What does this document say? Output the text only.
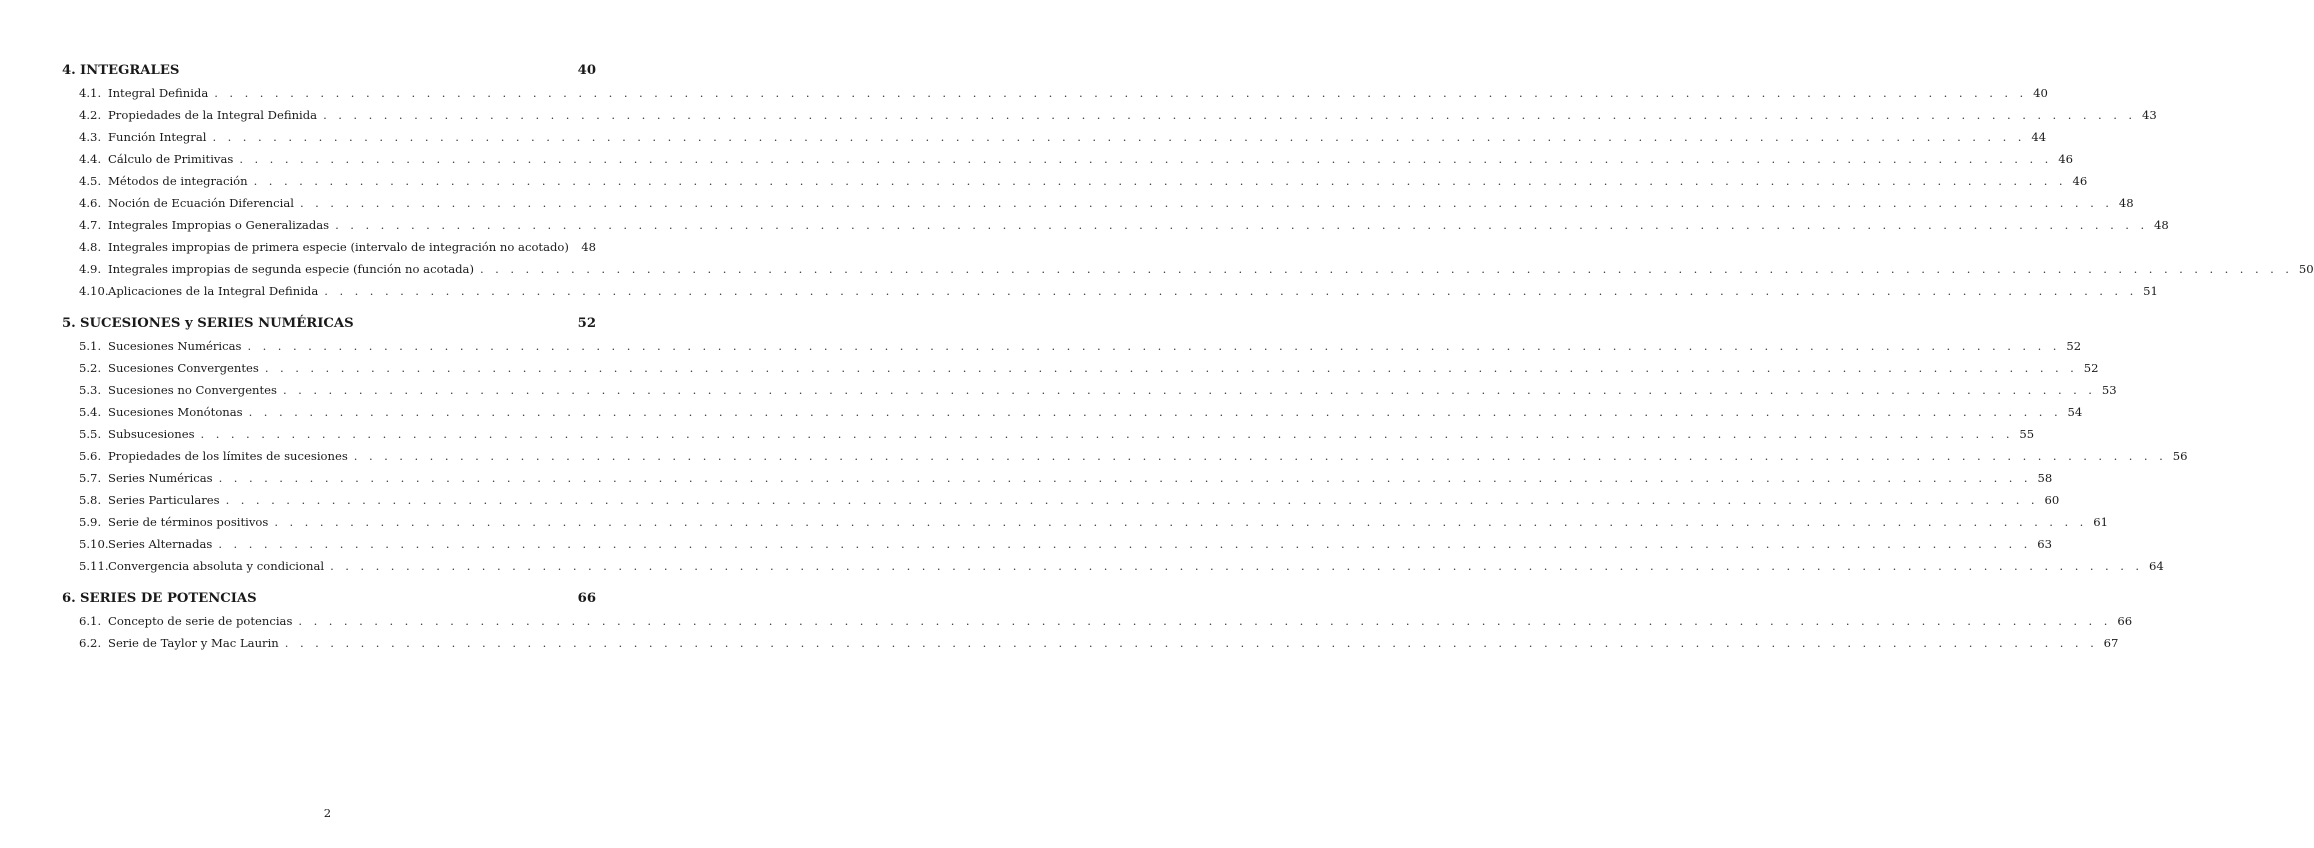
4. INTEGRALES	40
4.1. Integral Definida . . . . . . . . . . . . . . . . . . . . . . . . . . . . . . . . . . . . . . . . . . . . . . . . . . . . . . . . . . . . . . . . . . . . . . . . . . . . . . . . . . . . . . . . . . . . . . . . . . . . . . . . . . . . . . . . . . . . . . . . 40
4.2. Propiedades de la Integral Definida . . . . . . . . . . . . . . . . . . . . . . . . . . . . . . . . . . . . . . . . . . . . . . . . . . . . . . . . . . . . . . . . . . . . . . . . . . . . . . . . . . . . . . . . . . . . . . . . . . . . . . . . . . . . . . . . . . . . . . . . 43
4.3. Función Integral . . . . . . . . . . . . . . . . . . . . . . . . . . . . . . . . . . . . . . . . . . . . . . . . . . . . . . . . . . . . . . . . . . . . . . . . . . . . . . . . . . . . . . . . . . . . . . . . . . . . . . . . . . . . . . . . . . . . . . . . 44
4.4. Cálculo de Primitivas . . . . . . . . . . . . . . . . . . . . . . . . . . . . . . . . . . . . . . . . . . . . . . . . . . . . . . . . . . . . . . . . . . . . . . . . . . . . . . . . . . . . . . . . . . . . . . . . . . . . . . . . . . . . . . . . . . . . . . . . 46
4.5. Métodos de integración . . . . . . . . . . . . . . . . . . . . . . . . . . . . . . . . . . . . . . . . . . . . . . . . . . . . . . . . . . . . . . . . . . . . . . . . . . . . . . . . . . . . . . . . . . . . . . . . . . . . . . . . . . . . . . . . . . . . . . . . 46
4.6. Noción de Ecuación Diferencial . . . . . . . . . . . . . . . . . . . . . . . . . . . . . . . . . . . . . . . . . . . . . . . . . . . . . . . . . . . . . . . . . . . . . . . . . . . . . . . . . . . . . . . . . . . . . . . . . . . . . . . . . . . . . . . . . . . . . . . . 48
4.7. Integrales Impropias o Generalizadas . . . . . . . . . . . . . . . . . . . . . . . . . . . . . . . . . . . . . . . . . . . . . . . . . . . . . . . . . . . . . . . . . . . . . . . . . . . . . . . . . . . . . . . . . . . . . . . . . . . . . . . . . . . . . . . . . . . . . . . . 48
4.8. Integrales impropias de primera especie (intervalo de integración no acotado) 48
4.9. Integrales impropias de segunda especie (función no acotada) . . . . . . . . . . . . . . . . . . . . . . . . . . . . . . . . . . . . . . . . . . . . . . . . . . . . . . . . . . . . . . . . . . . . . . . . . . . . . . . . . . . . . . . . . . . . . . . . . . . . . . . . . . . . . . . . . . . . . . . . 50
4.10. Aplicaciones de la Integral Definida . . . . . . . . . . . . . . . . . . . . . . . . . . . . . . . . . . . . . . . . . . . . . . . . . . . . . . . . . . . . . . . . . . . . . . . . . . . . . . . . . . . . . . . . . . . . . . . . . . . . . . . . . . . . . . . . . . . . . . . . 51
5. SUCESIONES y SERIES NUMÉRICAS	52
5.1. Sucesiones Numéricas . . . . . . . . . . . . . . . . . . . . . . . . . . . . . . . . . . . . . . . . . . . . . . . . . . . . . . . . . . . . . . . . . . . . . . . . . . . . . . . . . . . . . . . . . . . . . . . . . . . . . . . . . . . . . . . . . . . . . . . . 52
5.2. Sucesiones Convergentes . . . . . . . . . . . . . . . . . . . . . . . . . . . . . . . . . . . . . . . . . . . . . . . . . . . . . . . . . . . . . . . . . . . . . . . . . . . . . . . . . . . . . . . . . . . . . . . . . . . . . . . . . . . . . . . . . . . . . . . . 52
5.3. Sucesiones no Convergentes . . . . . . . . . . . . . . . . . . . . . . . . . . . . . . . . . . . . . . . . . . . . . . . . . . . . . . . . . . . . . . . . . . . . . . . . . . . . . . . . . . . . . . . . . . . . . . . . . . . . . . . . . . . . . . . . . . . . . . . . 53
5.4. Sucesiones Monótonas . . . . . . . . . . . . . . . . . . . . . . . . . . . . . . . . . . . . . . . . . . . . . . . . . . . . . . . . . . . . . . . . . . . . . . . . . . . . . . . . . . . . . . . . . . . . . . . . . . . . . . . . . . . . . . . . . . . . . . . . 54
5.5. Subsucesiones . . . . . . . . . . . . . . . . . . . . . . . . . . . . . . . . . . . . . . . . . . . . . . . . . . . . . . . . . . . . . . . . . . . . . . . . . . . . . . . . . . . . . . . . . . . . . . . . . . . . . . . . . . . . . . . . . . . . . . . . 55
5.6. Propiedades de los límites de sucesiones . . . . . . . . . . . . . . . . . . . . . . . . . . . . . . . . . . . . . . . . . . . . . . . . . . . . . . . . . . . . . . . . . . . . . . . . . . . . . . . . . . . . . . . . . . . . . . . . . . . . . . . . . . . . . . . . . . . . . . . . 56
5.7. Series Numéricas . . . . . . . . . . . . . . . . . . . . . . . . . . . . . . . . . . . . . . . . . . . . . . . . . . . . . . . . . . . . . . . . . . . . . . . . . . . . . . . . . . . . . . . . . . . . . . . . . . . . . . . . . . . . . . . . . . . . . . . . 58
5.8. Series Particulares . . . . . . . . . . . . . . . . . . . . . . . . . . . . . . . . . . . . . . . . . . . . . . . . . . . . . . . . . . . . . . . . . . . . . . . . . . . . . . . . . . . . . . . . . . . . . . . . . . . . . . . . . . . . . . . . . . . . . . . . 60
5.9. Serie de términos positivos . . . . . . . . . . . . . . . . . . . . . . . . . . . . . . . . . . . . . . . . . . . . . . . . . . . . . . . . . . . . . . . . . . . . . . . . . . . . . . . . . . . . . . . . . . . . . . . . . . . . . . . . . . . . . . . . . . . . . . . . 61
5.10. Series Alternadas . . . . . . . . . . . . . . . . . . . . . . . . . . . . . . . . . . . . . . . . . . . . . . . . . . . . . . . . . . . . . . . . . . . . . . . . . . . . . . . . . . . . . . . . . . . . . . . . . . . . . . . . . . . . . . . . . . . . . . . . 63
5.11. Convergencia absoluta y condicional . . . . . . . . . . . . . . . . . . . . . . . . . . . . . . . . . . . . . . . . . . . . . . . . . . . . . . . . . . . . . . . . . . . . . . . . . . . . . . . . . . . . . . . . . . . . . . . . . . . . . . . . . . . . . . . . . . . . . . . . 64
6. SERIES DE POTENCIAS	66
6.1. Concepto de serie de potencias . . . . . . . . . . . . . . . . . . . . . . . . . . . . . . . . . . . . . . . . . . . . . . . . . . . . . . . . . . . . . . . . . . . . . . . . . . . . . . . . . . . . . . . . . . . . . . . . . . . . . . . . . . . . . . . . . . . . . . . . 66
6.2. Serie de Taylor y Mac Laurin . . . . . . . . . . . . . . . . . . . . . . . . . . . . . . . . . . . . . . . . . . . . . . . . . . . . . . . . . . . . . . . . . . . . . . . . . . . . . . . . . . . . . . . . . . . . . . . . . . . . . . . . . . . . . . . . . . . . . . . . 67
2
